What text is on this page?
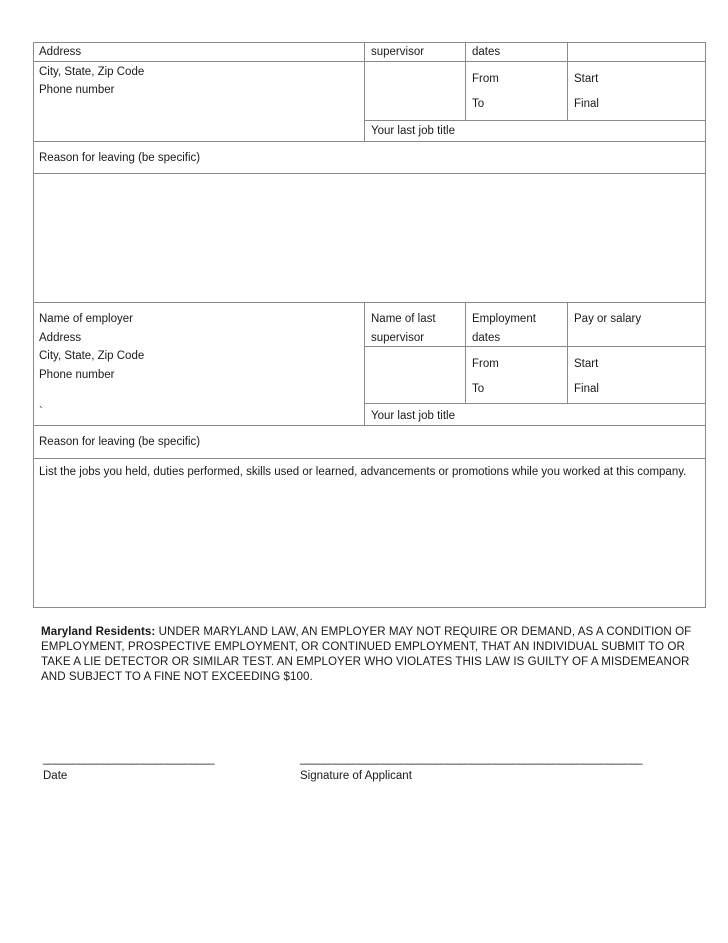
Address
City, State, Zip Code
Phone number
supervisor	dates
From
To
Start
Final
Your last job title
Reason for leaving (be specific)
Name of employer
Address
City, State, Zip Code
Phone number
`
Name of last
supervisor
Employment
dates
Pay or salary
From
To
Start
Final
Your last job title
Reason for leaving (be specific)
List the jobs you held, duties performed, skills used or learned, advancements or promotions while you worked at this company.
Maryland Residents: UNDER MARYLAND LAW, AN EMPLOYER MAY NOT REQUIRE OR DEMAND, AS A CONDITION OF EMPLOYMENT, PROSPECTIVE EMPLOYMENT, OR CONTINUED EMPLOYMENT, THAT AN INDIVIDUAL SUBMIT TO OR TAKE A LIE DETECTOR OR SIMILAR TEST. AN EMPLOYER WHO VIOLATES THIS LAW IS GUILTY OF A MISDEMEANOR AND SUBJECT TO A FINE NOT EXCEEDING $100.
_____________________________
Date
__________________________________________________________
Signature of Applicant
